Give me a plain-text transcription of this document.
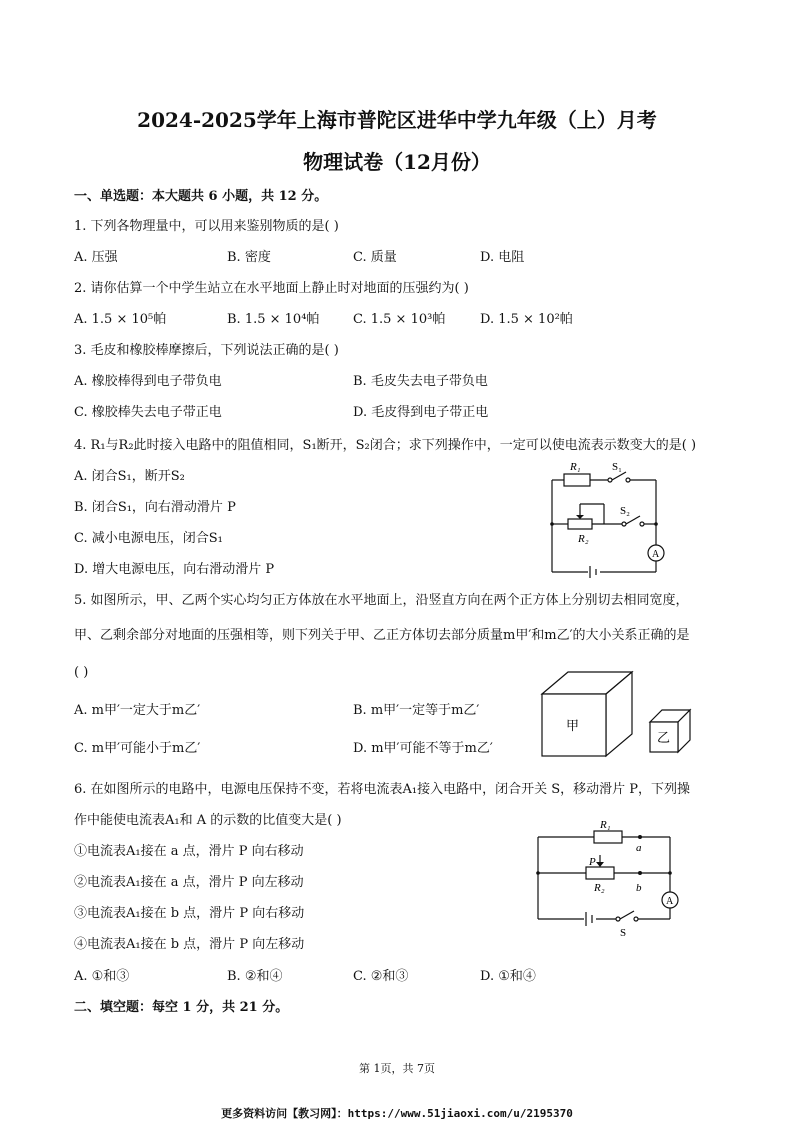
2024-2025学年上海市普陀区进华中学九年级（上）月考
物理试卷（12月份）
一、单选题：本大题共 6 小题，共 12 分。
1. 下列各物理量中，可以用来鉴别物质的是( )
A. 压强	B. 密度	C. 质量	D. 电阻
2. 请你估算一个中学生站立在水平地面上静止时对地面的压强约为( )
A. 1.5 × 10⁵帕	B. 1.5 × 10⁴帕	C. 1.5 × 10³帕	D. 1.5 × 10²帕
3. 毛皮和橡胶棒摩擦后，下列说法正确的是( )
A. 橡胶棒得到电子带负电	B. 毛皮失去电子带负电
C. 橡胶棒失去电子带正电	D. 毛皮得到电子带正电
4. R₁与R₂此时接入电路中的阻值相同，S₁断开，S₂闭合；求下列操作中，一定可以使电流表示数变大的是( )
A. 闭合S₁，断开S₂
B. 闭合S₁，向右滑动滑片 P
C. 减小电源电压，闭合S₁
D. 增大电源电压，向右滑动滑片 P
R₁	S₁
S₂
R₂
A
5. 如图所示，甲、乙两个实心均匀正方体放在水平地面上，沿竖直方向在两个正方体上分别切去相同宽度，
甲、乙剩余部分对地面的压强相等，则下列关于甲、乙正方体切去部分质量m甲′和m乙′的大小关系正确的是
( )
A. m甲′一定大于m乙′	B. m甲′一定等于m乙′
C. m甲′可能小于m乙′	D. m甲′可能不等于m乙′
甲
乙
6. 在如图所示的电路中，电源电压保持不变，若将电流表A₁接入电路中，闭合开关 S，移动滑片 P，下列操
作中能使电流表A₁和 A 的示数的比值变大是( )
①电流表A₁接在 a 点，滑片 P 向右移动
②电流表A₁接在 a 点，滑片 P 向左移动
③电流表A₁接在 b 点，滑片 P 向右移动
④电流表A₁接在 b 点，滑片 P 向左移动
A. ①和③	B. ②和④	C. ②和③	D. ①和④
R₁
a
P
R₂	b
A
S
二、填空题：每空 1 分，共 21 分。
第 1页，共 7页
更多资料访问【教习网】：https://www.51jiaoxi.com/u/2195370
